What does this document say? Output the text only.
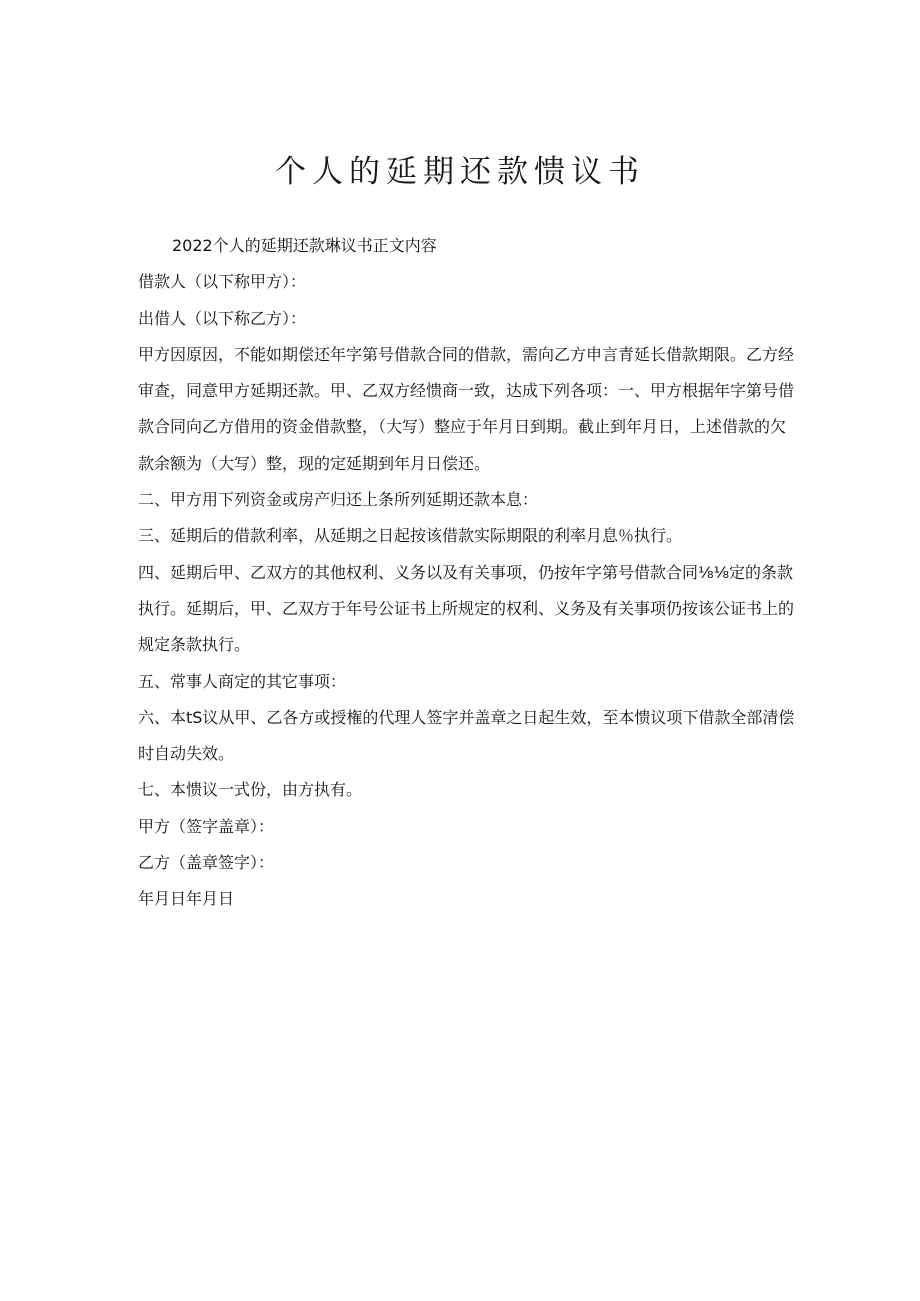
个人的延期还款愦议书

2022个人的延期还款琳议书正文内容

借款人（以下称甲方）：

出借人（以下称乙方）：

甲方因原因，不能如期偿还年字第号借款合同的借款，需向乙方申言青延长借款期限。乙方经审查，同意甲方延期还款。甲、乙双方经愦商一致，达成下列各项：一、甲方根据年字第号借款合同向乙方借用的资金借款整，（大写）整应于年月日到期。截止到年月日，上述借款的欠款余额为（大写）整，现的定延期到年月日偿还。

二、甲方用下列资金或房产归还上条所列延期还款本息：

三、延期后的借款利率，从延期之日起按该借款实际期限的利率月息％执行。

四、延期后甲、乙双方的其他权利、义务以及有关事项，仍按年字第号借款合同⅛⅛定的条款执行。延期后，甲、乙双方于年号公证书上所规定的权利、义务及有关事项仍按该公证书上的规定条款执行。

五、常事人商定的其它事项：

六、本tS议从甲、乙各方或授権的代理人签字并盖章之日起生效，至本愦议项下借款全部清偿时自动失效。

七、本愦议一式份，由方执有。

甲方（签字盖章）：

乙方（盖章签字）：

年月日年月日
